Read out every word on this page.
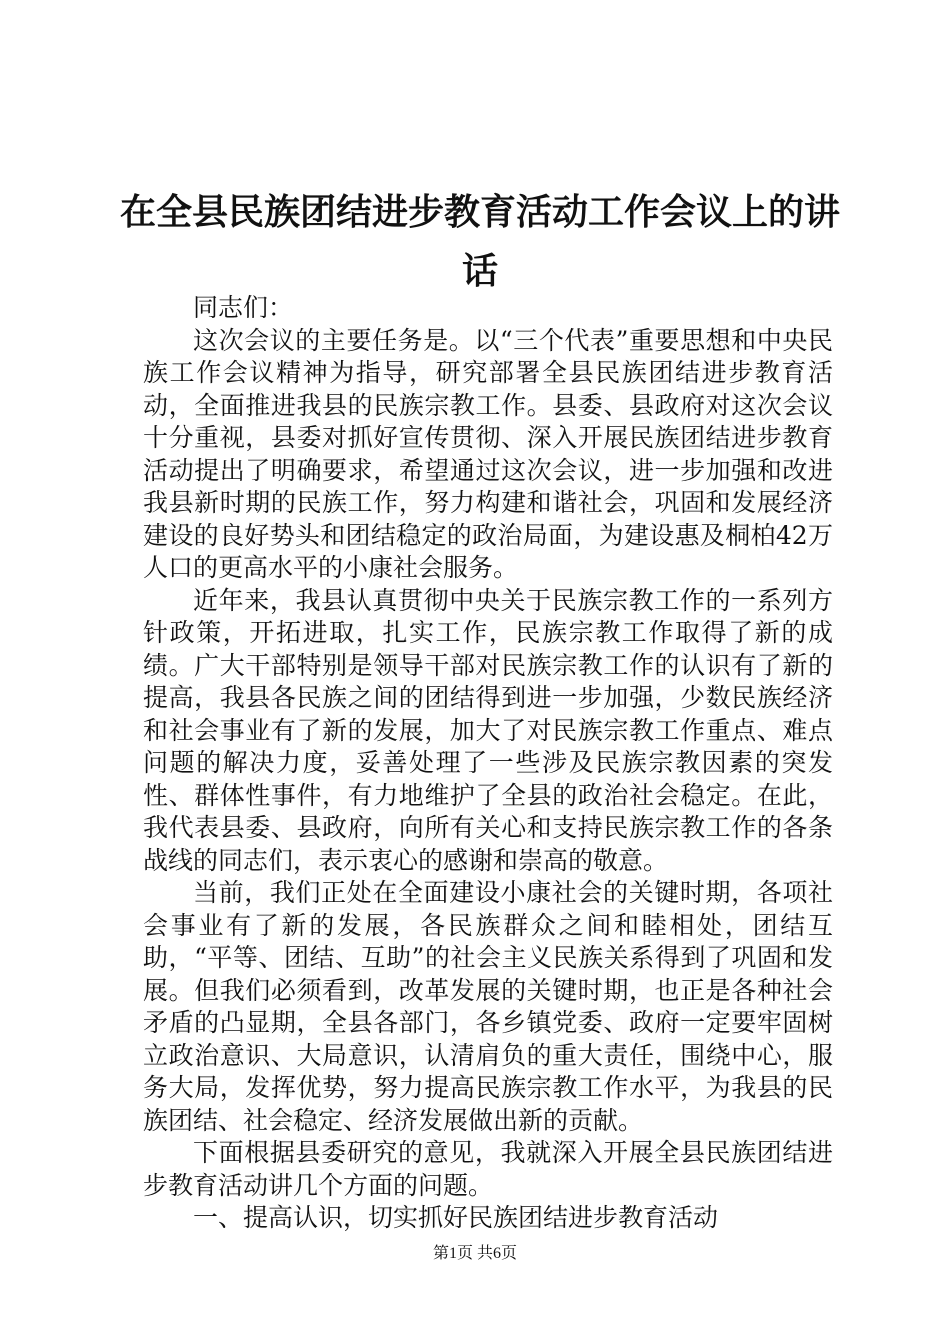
在全县民族团结进步教育活动工作会议上的讲
话

同志们：

这次会议的主要任务是。以“三个代表”重要思想和中央民族工作会议精神为指导，研究部署全县民族团结进步教育活动，全面推进我县的民族宗教工作。县委、县政府对这次会议十分重视，县委对抓好宣传贯彻、深入开展民族团结进步教育活动提出了明确要求，希望通过这次会议，进一步加强和改进我县新时期的民族工作，努力构建和谐社会，巩固和发展经济建设的良好势头和团结稳定的政治局面，为建设惠及桐柏42万人口的更高水平的小康社会服务。

近年来，我县认真贯彻中央关于民族宗教工作的一系列方针政策，开拓进取，扎实工作，民族宗教工作取得了新的成绩。广大干部特别是领导干部对民族宗教工作的认识有了新的提高，我县各民族之间的团结得到进一步加强，少数民族经济和社会事业有了新的发展，加大了对民族宗教工作重点、难点问题的解决力度，妥善处理了一些涉及民族宗教因素的突发性、群体性事件，有力地维护了全县的政治社会稳定。在此，我代表县委、县政府，向所有关心和支持民族宗教工作的各条战线的同志们，表示衷心的感谢和崇高的敬意。

当前，我们正处在全面建设小康社会的关键时期，各项社会事业有了新的发展，各民族群众之间和睦相处，团结互助，“平等、团结、互助”的社会主义民族关系得到了巩固和发展。但我们必须看到，改革发展的关键时期，也正是各种社会矛盾的凸显期，全县各部门，各乡镇党委、政府一定要牢固树立政治意识、大局意识，认清肩负的重大责任，围绕中心，服务大局，发挥优势，努力提高民族宗教工作水平，为我县的民族团结、社会稳定、经济发展做出新的贡献。

下面根据县委研究的意见，我就深入开展全县民族团结进步教育活动讲几个方面的问题。

一、提高认识，切实抓好民族团结进步教育活动

第1页 共6页
